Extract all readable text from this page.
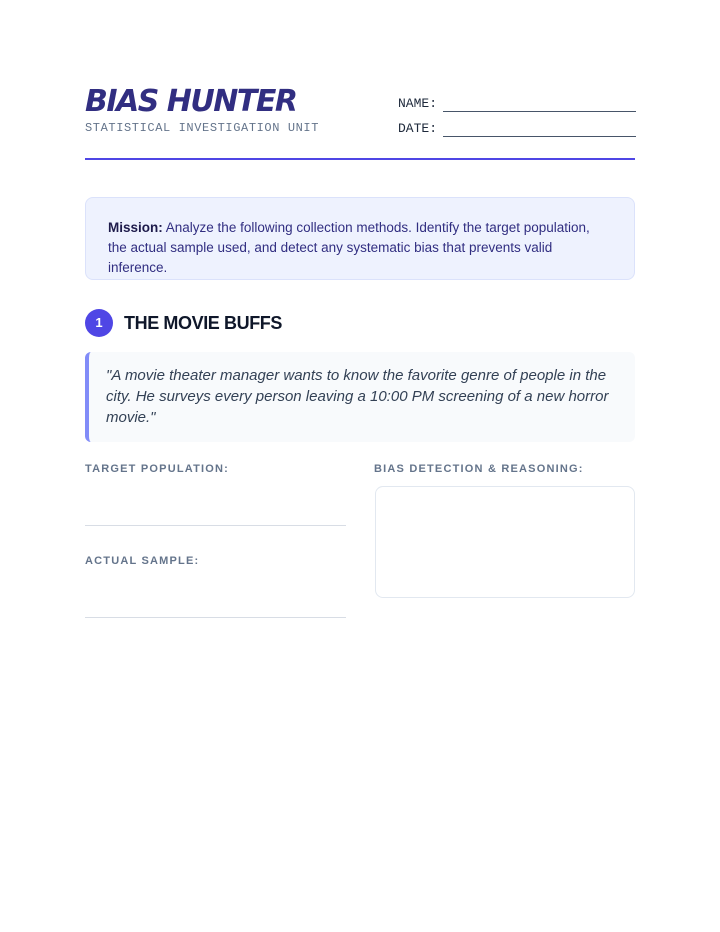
BIAS HUNTER
STATISTICAL INVESTIGATION UNIT
NAME:
DATE:
Mission: Analyze the following collection methods. Identify the target population, the actual sample used, and detect any systematic bias that prevents valid inference.
1	THE MOVIE BUFFS
"A movie theater manager wants to know the favorite genre of people in the city. He surveys every person leaving a 10:00 PM screening of a new horror movie."
TARGET POPULATION:
ACTUAL SAMPLE:
BIAS DETECTION & REASONING:
